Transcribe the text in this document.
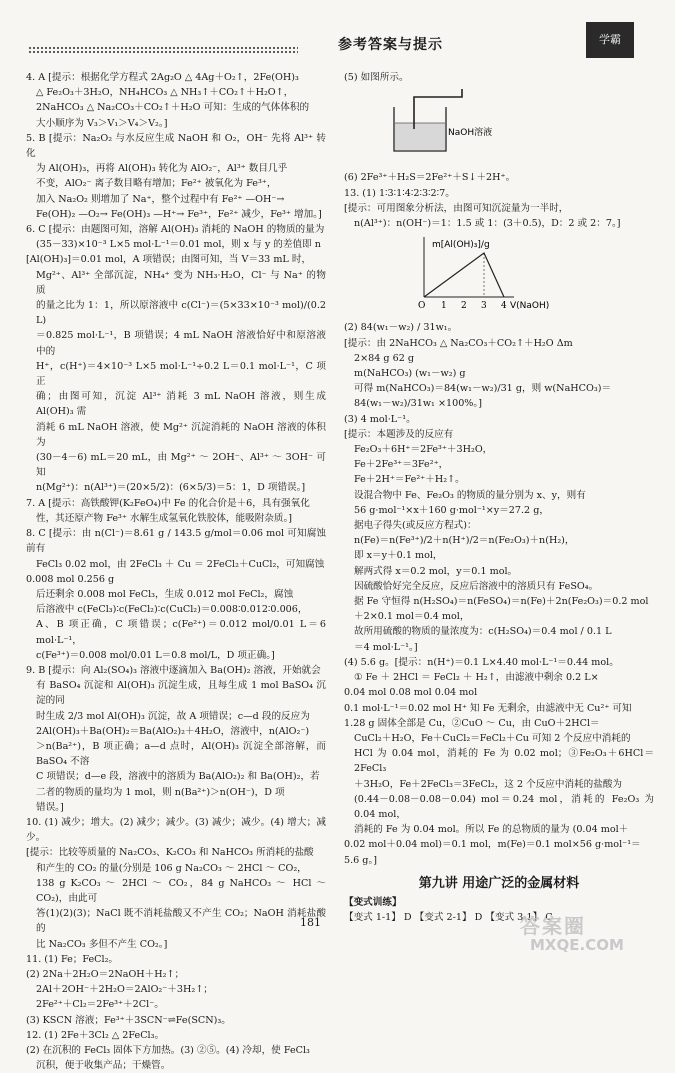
参考答案与提示	学霸

4. A [提示：根据化学方程式 2Ag₂O △ 4Ag＋O₂↑，2Fe(OH)₃

△ Fe₂O₃＋3H₂O，NH₄HCO₃ △ NH₃↑＋CO₂↑＋H₂O↑，

2NaHCO₃ △ Na₂CO₃＋CO₂↑＋H₂O 可知：生成的气体体积的

大小顺序为 V₃＞V₁＞V₄＞V₂。]

5. B [提示：Na₂O₂ 与水反应生成 NaOH 和 O₂，OH⁻ 先将 Al³⁺ 转化

为 Al(OH)₃，再将 Al(OH)₃ 转化为 AlO₂⁻，Al³⁺ 数目几乎

不变，AlO₂⁻ 离子数目略有增加；Fe²⁺ 被氧化为 Fe³⁺，

加入 Na₂O₂ 则增加了 Na⁺，整个过程中有 Fe²⁺ —OH⁻→

Fe(OH)₂ —O₂→ Fe(OH)₃ —H⁺→ Fe³⁺，Fe²⁺ 减少，Fe³⁺ 增加。]

6. C [提示：由题图可知，溶解 Al(OH)₃ 消耗的 NaOH 的物质的量为

(35－33)×10⁻³ L×5 mol·L⁻¹＝0.01 mol，则 x 与 y 的差值即 n

[Al(OH)₃]＝0.01 mol，A 项错误；由图可知，当 V＝33 mL 时，

Mg²⁺、Al³⁺ 全部沉淀，NH₄⁺ 变为 NH₃·H₂O，Cl⁻ 与 Na⁺ 的物质

的量之比为 1：1，所以原溶液中 c(Cl⁻)＝(5×33×10⁻³ mol)/(0.2 L)

＝0.825 mol·L⁻¹，B 项错误；4 mL NaOH 溶液恰好中和原溶液中的

H⁺，c(H⁺)＝4×10⁻³ L×5 mol·L⁻¹÷0.2 L＝0.1 mol·L⁻¹，C 项正

确；由图可知，沉淀 Al³⁺ 消耗 3 mL NaOH 溶液，则生成 Al(OH)₃ 需

消耗 6 mL NaOH 溶液，使 Mg²⁺ 沉淀消耗的 NaOH 溶液的体积为

(30－4－6) mL＝20 mL，由 Mg²⁺ ～ 2OH⁻、Al³⁺ ～ 3OH⁻ 可知

n(Mg²⁺)：n(Al³⁺)＝(20×5/2)：(6×5/3)＝5：1，D 项错误。]

7. A [提示：高铁酸钾(K₂FeO₄)中 Fe 的化合价是＋6，具有强氧化

性，其还原产物 Fe³⁺ 水解生成氢氧化铁胶体，能吸附杂质。]

8. C [提示：由 n(Cl⁻)＝8.61 g / 143.5 g/mol＝0.06 mol 可知腐蚀前有

FeCl₃ 0.02 mol，由 2FeCl₃ ＋ Cu ＝ 2FeCl₂＋CuCl₂，可知腐蚀

0.008 mol 0.256 g

后还剩余 0.008 mol FeCl₃，生成 0.012 mol FeCl₂，腐蚀

后溶液中 c(FeCl₃)∶c(FeCl₂)∶c(CuCl₂)＝0.008∶0.012∶0.006，

A、B 项正确，C 项错误；c(Fe²⁺)＝0.012 mol/0.01 L＝6 mol·L⁻¹，

c(Fe³⁺)＝0.008 mol/0.01 L＝0.8 mol/L，D 项正确。]

9. B [提示：向 Al₂(SO₄)₃ 溶液中逐滴加入 Ba(OH)₂ 溶液，开始就会

有 BaSO₄ 沉淀和 Al(OH)₃ 沉淀生成，且每生成 1 mol BaSO₄ 沉淀的同

时生成 2/3 mol Al(OH)₃ 沉淀，故 A 项错误；c—d 段的反应为

2Al(OH)₃＋Ba(OH)₂＝Ba(AlO₂)₂＋4H₂O，溶液中，n(AlO₂⁻)

＞n(Ba²⁺)，B 项正确；a—d 点时，Al(OH)₃ 沉淀全部溶解，而 BaSO₄ 不溶

C 项错误；d—e 段，溶液中的溶质为 Ba(AlO₂)₂ 和 Ba(OH)₂，若

二者的物质的量均为 1 mol，则 n(Ba²⁺)＞n(OH⁻)，D 项

错误。]

10. (1) 减少；增大。(2) 减少；减少。(3) 减少；减少。(4) 增大；减少。

[提示：比较等质量的 Na₂CO₃、K₂CO₃ 和 NaHCO₃ 所消耗的盐酸

和产生的 CO₂ 的量(分别是 106 g Na₂CO₃ ～ 2HCl ～ CO₂，

138 g K₂CO₃ ～ 2HCl ～ CO₂，84 g NaHCO₃ ～ HCl ～ CO₂)，由此可

答(1)(2)(3)；NaCl 既不消耗盐酸又不产生 CO₂；NaOH 消耗盐酸的

比 Na₂CO₃ 多但不产生 CO₂。]

11. (1) Fe；FeCl₂。

(2) 2Na＋2H₂O＝2NaOH＋H₂↑；

2Al＋2OH⁻＋2H₂O＝2AlO₂⁻＋3H₂↑；

2Fe²⁺＋Cl₂＝2Fe³⁺＋2Cl⁻。

(3) KSCN 溶液；Fe³⁺＋3SCN⁻⇌Fe(SCN)₃。

12. (1) 2Fe＋3Cl₂ △ 2FeCl₃。

(2) 在沉积的 FeCl₃ 固体下方加热。(3) ②⑤。(4) 冷却，使 FeCl₃

沉积，便于收集产品；干燥管。

(5) 如图所示。

NaOH溶液

(6) 2Fe³⁺＋H₂S＝2Fe²⁺＋S↓＋2H⁺。

13. (1) 1∶3∶1∶4∶2∶3∶2∶7。

[提示：可用图象分析法，由图可知沉淀量为一半时，

n(Al³⁺)：n(OH⁻)＝1：1.5 或 1：(3＋0.5)，D：2 或 2：7。]

m[Al(OH)₃]/g
O 1 2 3 4 V(NaOH)

(2) 84(w₁－w₂) / 31w₁。

[提示：由 2NaHCO₃ △ Na₂CO₃＋CO₂↑＋H₂O Δm

2×84 g 62 g

m(NaHCO₃) (w₁－w₂) g

可得 m(NaHCO₃)＝84(w₁－w₂)/31 g，则 w(NaHCO₃)＝

84(w₁－w₂)/31w₁ ×100%。]

(3) 4 mol·L⁻¹。

[提示：本题涉及的反应有

Fe₂O₃＋6H⁺＝2Fe³⁺＋3H₂O，

Fe＋2Fe³⁺＝3Fe²⁺，

Fe＋2H⁺＝Fe²⁺＋H₂↑。

设混合物中 Fe、Fe₂O₃ 的物质的量分别为 x、y，则有

56 g·mol⁻¹×x＋160 g·mol⁻¹×y＝27.2 g，

据电子得失(或反应方程式)：

n(Fe)＝n(Fe³⁺)/2＋n(H⁺)/2＝n(Fe₂O₃)＋n(H₂)，

即 x＝y＋0.1 mol，

解两式得 x＝0.2 mol，y＝0.1 mol。

因硫酸恰好完全反应，反应后溶液中的溶质只有 FeSO₄。

据 Fe 守恒得 n(H₂SO₄)＝n(FeSO₄)＝n(Fe)＋2n(Fe₂O₃)＝0.2 mol

＋2×0.1 mol＝0.4 mol，

故所用硫酸的物质的量浓度为：c(H₂SO₄)＝0.4 mol / 0.1 L

＝4 mol·L⁻¹。]

(4) 5.6 g。[提示：n(H⁺)＝0.1 L×4.40 mol·L⁻¹＝0.44 mol。

① Fe ＋ 2HCl ＝ FeCl₂ ＋ H₂↑，由滤液中剩余 0.2 L×

0.04 mol 0.08 mol 0.04 mol

0.1 mol·L⁻¹＝0.02 mol H⁺ 知 Fe 无剩余，由滤液中无 Cu²⁺ 可知

1.28 g 固体全部是 Cu，②CuO ～ Cu，由 CuO＋2HCl＝

CuCl₂＋H₂O，Fe＋CuCl₂＝FeCl₂＋Cu 可知 2 个反应中消耗的

HCl 为 0.04 mol，消耗的 Fe 为 0.02 mol；③Fe₂O₃＋6HCl＝2FeCl₃

＋3H₂O，Fe＋2FeCl₃＝3FeCl₂，这 2 个反应中消耗的盐酸为

(0.44－0.08－0.08－0.04) mol＝0.24 mol，消耗的 Fe₂O₃ 为 0.04 mol，

消耗的 Fe 为 0.04 mol。所以 Fe 的总物质的量为 (0.04 mol＋

0.02 mol＋0.04 mol)＝0.1 mol，m(Fe)＝0.1 mol×56 g·mol⁻¹＝

5.6 g。]

第九讲 用途广泛的金属材料

【变式训练】

【变式 1-1】 D 【变式 2-1】 D 【变式 3-1】 C

181	答案圈
MXQE.COM
